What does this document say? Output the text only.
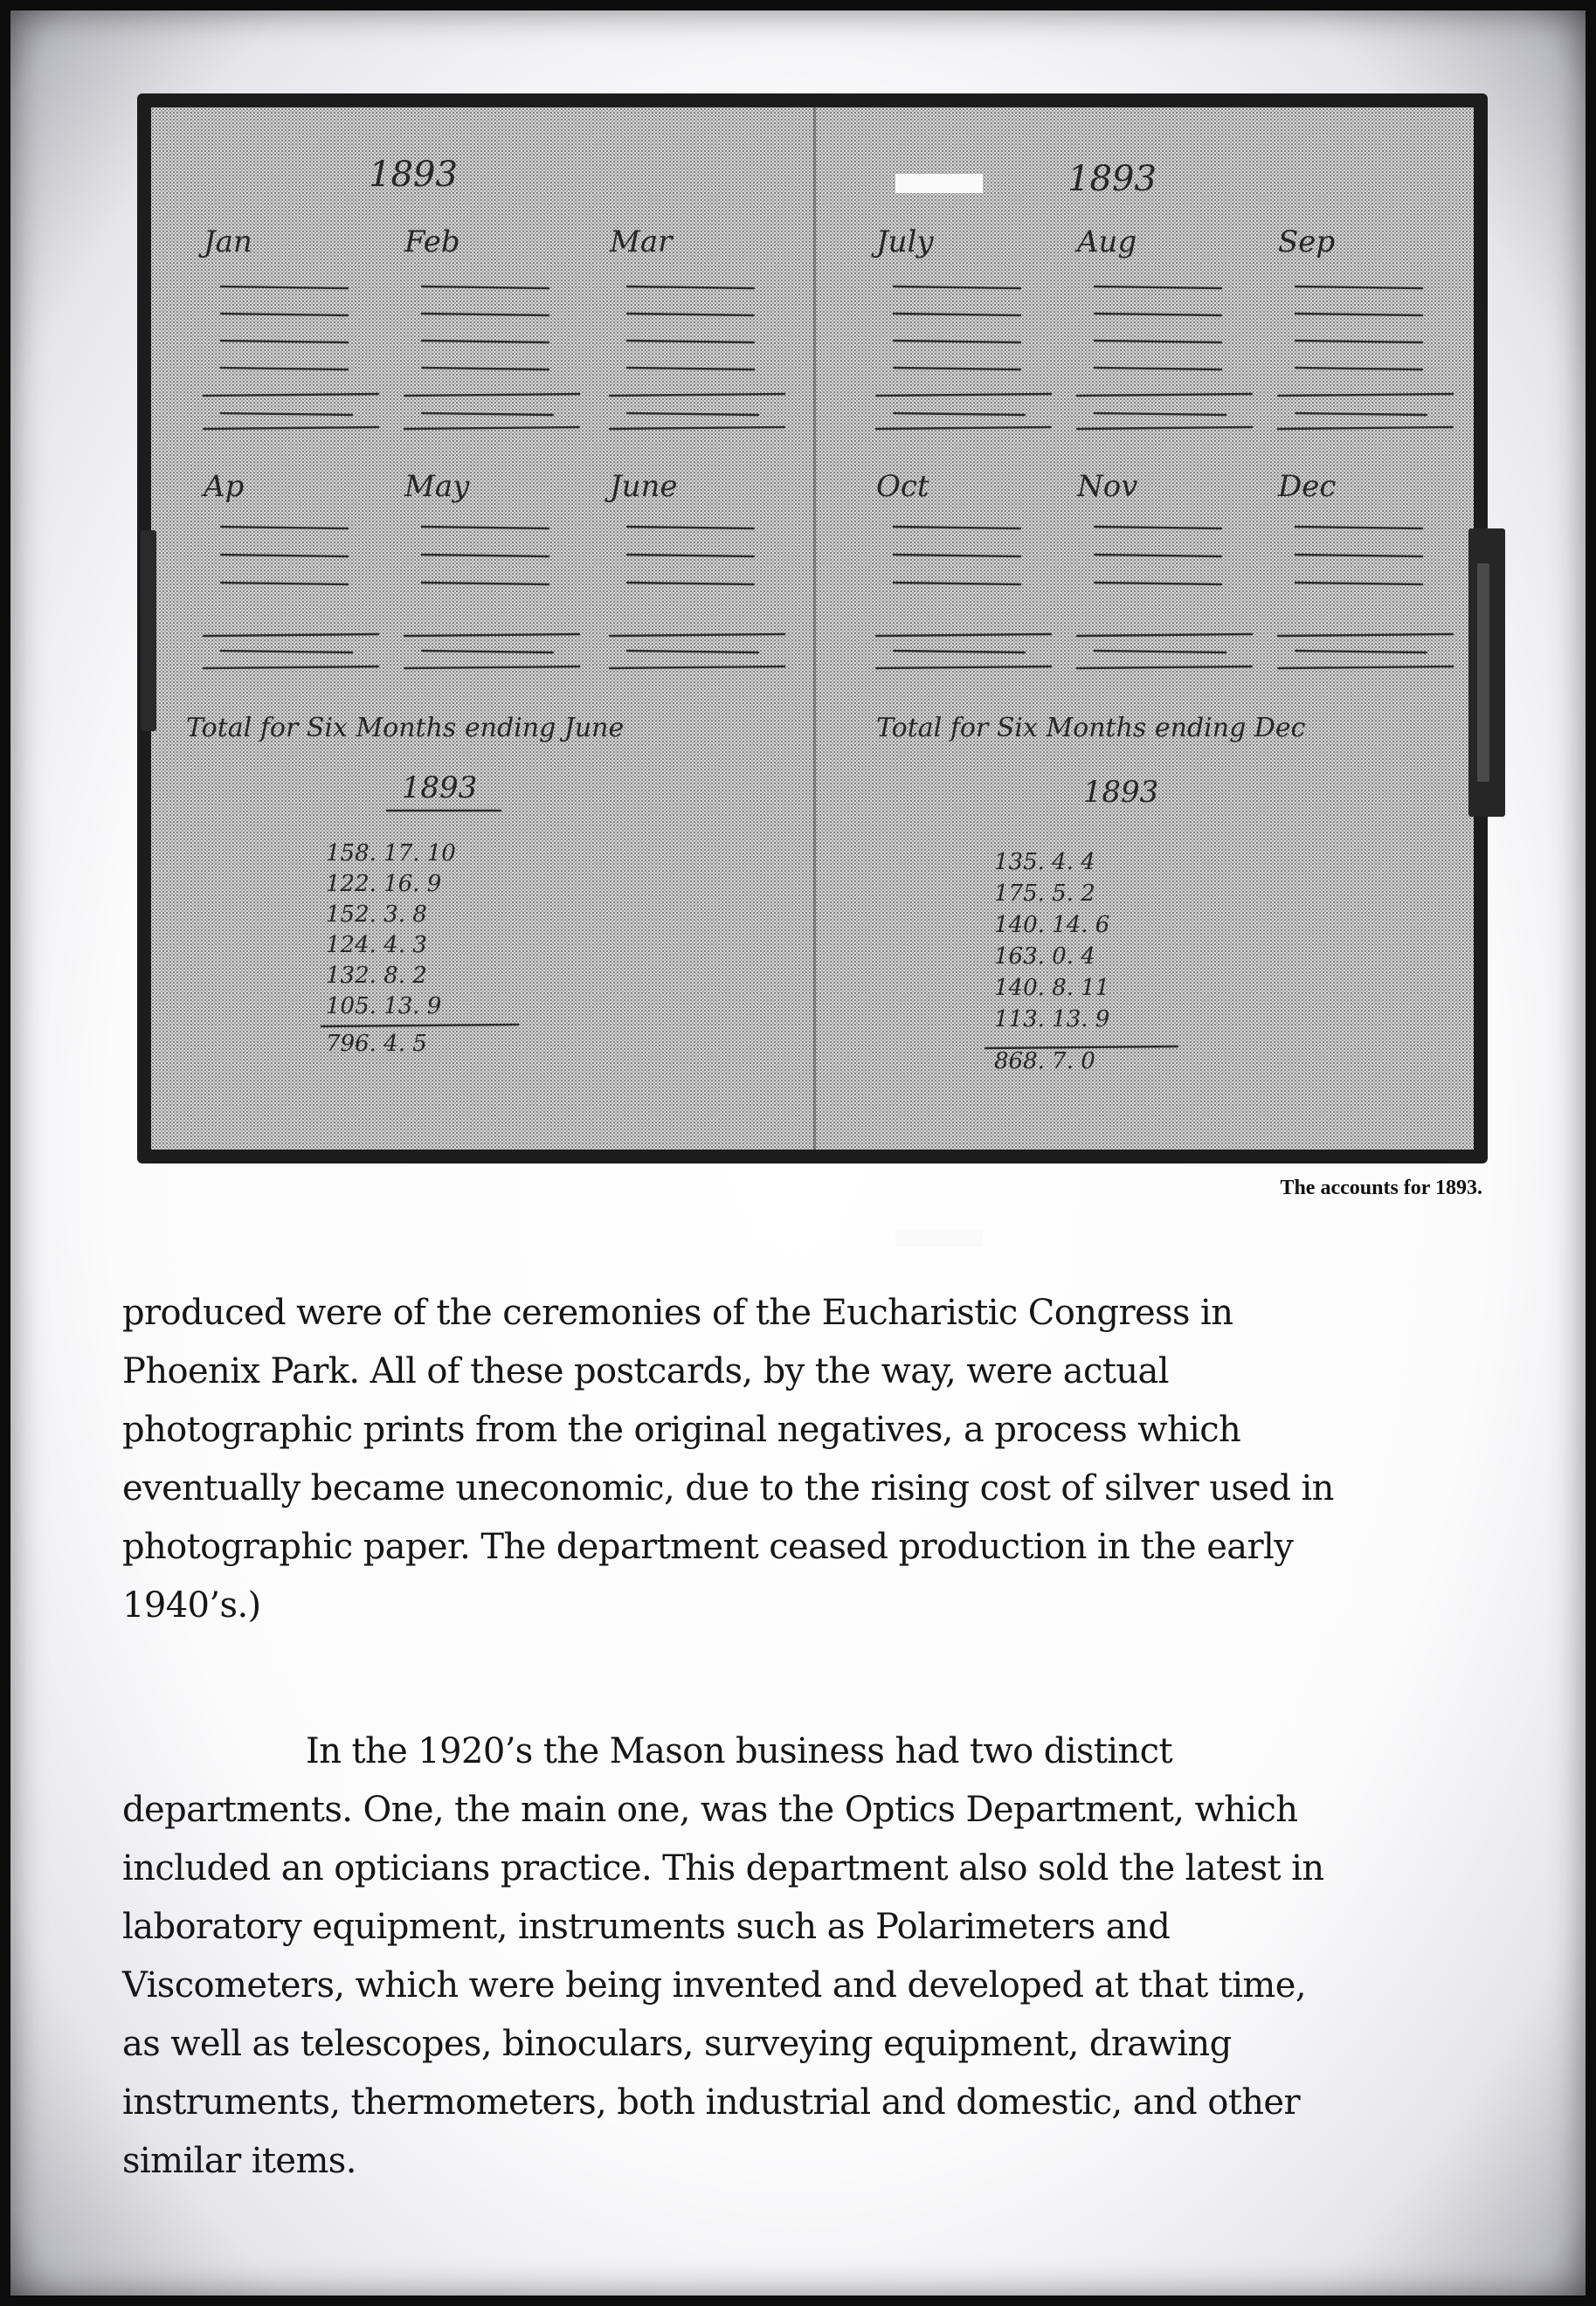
1893	1893
Jan	Feb	Mar	July	Aug	Sep
Ap	May	June	Oct	Nov	Dec
Total for Six Months ending June	Total for Six Months ending Dec
1893	1893
158. 17. 10
122. 16. 9
152. 3. 8
124. 4. 3
132. 8. 2
105. 13. 9
796. 4. 5
135. 4. 4
175. 5. 2
140. 14. 6
163. 0. 4
140. 8. 11
113. 13. 9
868. 7. 0
The accounts for 1893.
produced were of the ceremonies of the Eucharistic Congress in
Phoenix Park. All of these postcards, by the way, were actual
photographic prints from the original negatives, a process which
eventually became uneconomic, due to the rising cost of silver used in
photographic paper. The department ceased production in the early
1940’s.)
In the 1920’s the Mason business had two distinct
departments. One, the main one, was the Optics Department, which
included an opticians practice. This department also sold the latest in
laboratory equipment, instruments such as Polarimeters and
Viscometers, which were being invented and developed at that time,
as well as telescopes, binoculars, surveying equipment, drawing
instruments, thermometers, both industrial and domestic, and other
similar items.
